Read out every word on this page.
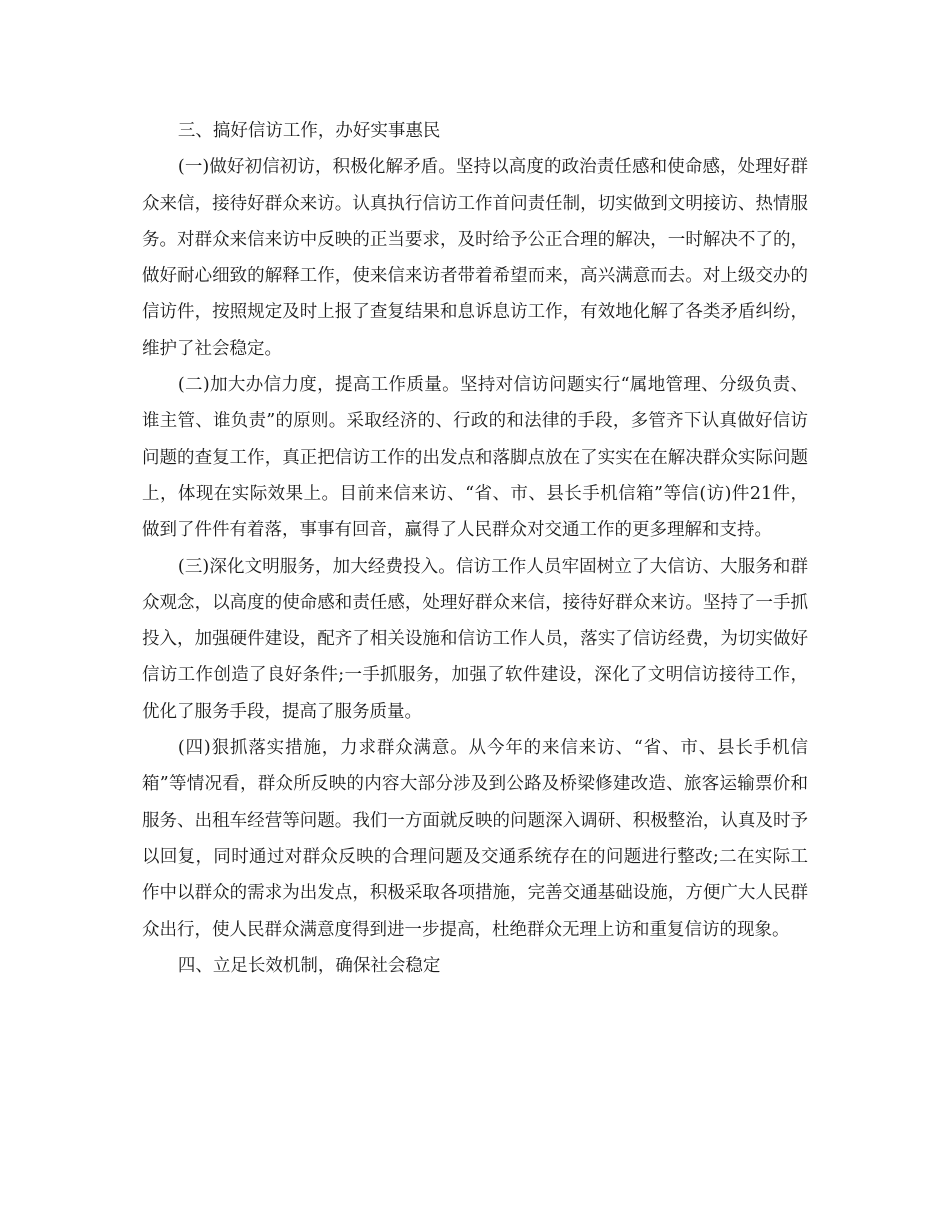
三、搞好信访工作，办好实事惠民

(一)做好初信初访，积极化解矛盾。坚持以高度的政治责任感和使命感，处理好群众来信，接待好群众来访。认真执行信访工作首问责任制，切实做到文明接访、热情服务。对群众来信来访中反映的正当要求，及时给予公正合理的解决，一时解决不了的，做好耐心细致的解释工作，使来信来访者带着希望而来，高兴满意而去。对上级交办的信访件，按照规定及时上报了查复结果和息诉息访工作，有效地化解了各类矛盾纠纷，维护了社会稳定。

(二)加大办信力度，提高工作质量。坚持对信访问题实行“属地管理、分级负责、谁主管、谁负责”的原则。采取经济的、行政的和法律的手段，多管齐下认真做好信访问题的查复工作，真正把信访工作的出发点和落脚点放在了实实在在解决群众实际问题上，体现在实际效果上。目前来信来访、“省、市、县长手机信箱”等信(访)件21件，做到了件件有着落，事事有回音，赢得了人民群众对交通工作的更多理解和支持。

(三)深化文明服务，加大经费投入。信访工作人员牢固树立了大信访、大服务和群众观念，以高度的使命感和责任感，处理好群众来信，接待好群众来访。坚持了一手抓投入，加强硬件建设，配齐了相关设施和信访工作人员，落实了信访经费，为切实做好信访工作创造了良好条件;一手抓服务，加强了软件建设，深化了文明信访接待工作，优化了服务手段，提高了服务质量。

(四)狠抓落实措施，力求群众满意。从今年的来信来访、“省、市、县长手机信箱”等情况看，群众所反映的内容大部分涉及到公路及桥梁修建改造、旅客运输票价和服务、出租车经营等问题。我们一方面就反映的问题深入调研、积极整治，认真及时予以回复，同时通过对群众反映的合理问题及交通系统存在的问题进行整改;二在实际工作中以群众的需求为出发点，积极采取各项措施，完善交通基础设施，方便广大人民群众出行，使人民群众满意度得到进一步提高，杜绝群众无理上访和重复信访的现象。

四、立足长效机制，确保社会稳定
